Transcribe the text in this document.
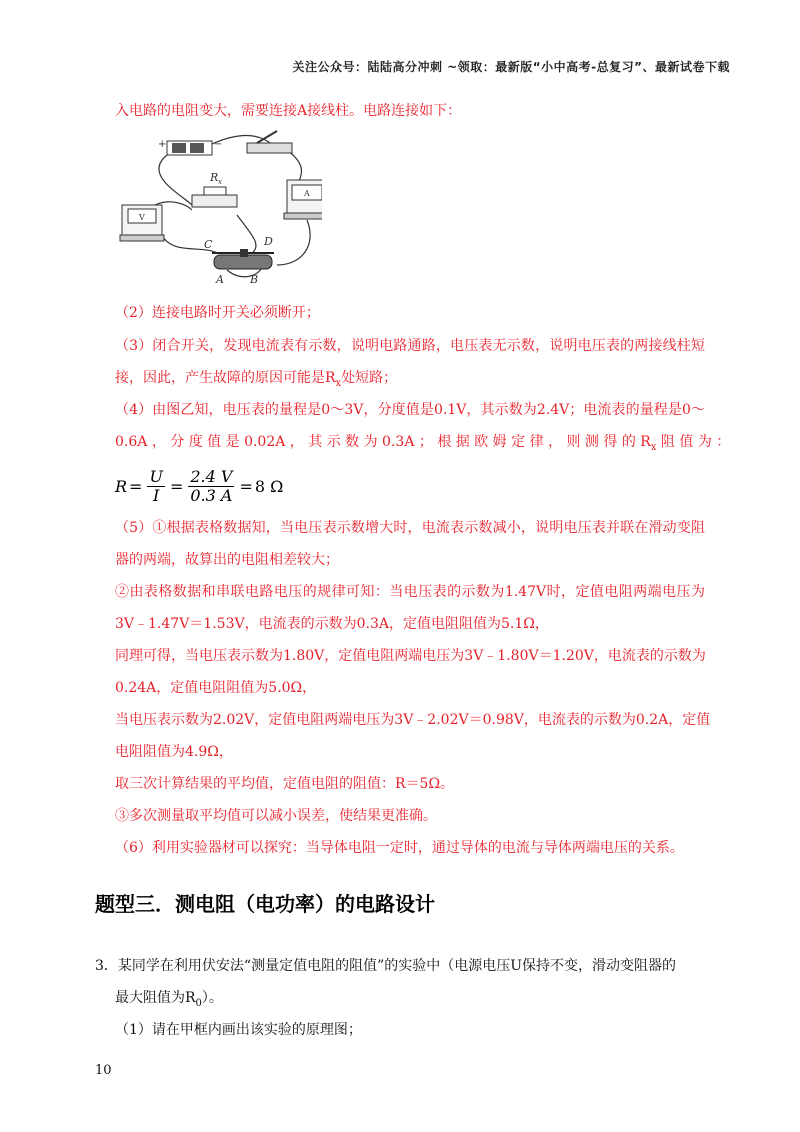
关注公众号：陆陆高分冲刺 ~领取：最新版“小中高考-总复习”、最新试卷下载
入电路的电阻变大，需要连接A接线柱。电路连接如下：
+	−
R x
V
A
C	D
A B
（2）连接电路时开关必须断开；
（3）闭合开关，发现电流表有示数，说明电路通路，电压表无示数，说明电压表的两接线柱短
接，因此，产生故障的原因可能是$R_x$处短路；
（4）由图乙知，电压表的量程是0～3V，分度值是0.1V，其示数为2.4V；电流表的量程是0～
0.6A ， 分 度 值 是 0.02A ， 其 示 数 为 0.3A ； 根 据 欧 姆 定 律 ， 则 测 得 的 $R_x$ 阻 值 为 ：
$R = \frac{U}{I} = \frac{2.4 V}{0.3 A} = 8$ Ω
（5）①根据表格数据知，当电压表示数增大时，电流表示数减小，说明电压表并联在滑动变阻
器的两端，故算出的电阻相差较大；
②由表格数据和串联电路电压的规律可知：当电压表的示数为1.47V时，定值电阻两端电压为
3V﹣1.47V＝1.53V，电流表的示数为0.3A，定值电阻阻值为5.1Ω，
同理可得，当电压表示数为1.80V，定值电阻两端电压为3V﹣1.80V＝1.20V，电流表的示数为
0.24A，定值电阻阻值为5.0Ω，
当电压表示数为2.02V，定值电阻两端电压为3V﹣2.02V＝0.98V，电流表的示数为0.2A，定值
电阻阻值为4.9Ω，
取三次计算结果的平均值，定值电阻的阻值：R＝5Ω。
③多次测量取平均值可以减小误差，使结果更准确。
（6）利用实验器材可以探究：当导体电阻一定时，通过导体的电流与导体两端电压的关系。
题型三．测电阻（电功率）的电路设计
3．某同学在利用伏安法“测量定值电阻的阻值”的实验中（电源电压U保持不变，滑动变阻器的
最大阻值为$R_0$）。
（1）请在甲框内画出该实验的原理图；
10
